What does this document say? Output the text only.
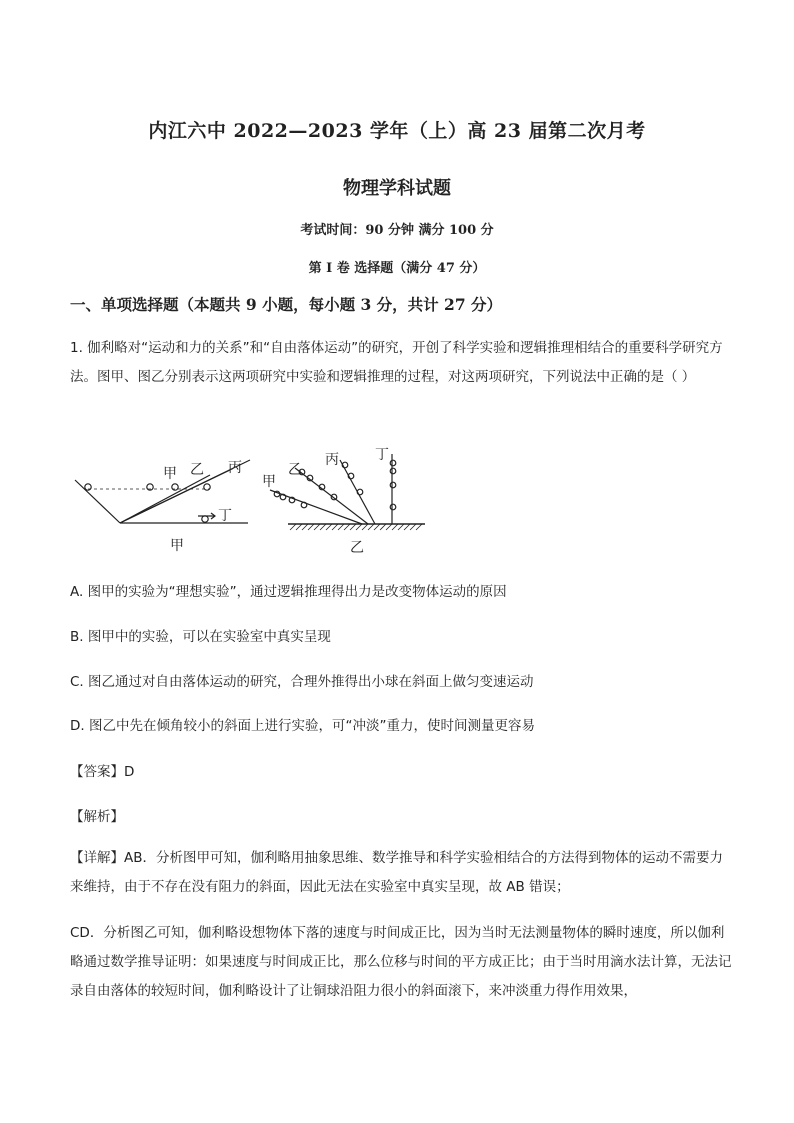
内江六中 2022—2023 学年（上）高 23 届第二次月考
物理学科试题
考试时间：90 分钟 满分 100 分
第 I 卷 选择题（满分 47 分）
一、单项选择题（本题共 9 小题，每小题 3 分，共计 27 分）
1. 伽利略对“运动和力的关系”和“自由落体运动”的研究，开创了科学实验和逻辑推理相结合的重要科学研究方法。图甲、图乙分别表示这两项研究中实验和逻辑推理的过程，对这两项研究，下列说法中正确的是（ ）
甲 乙 丙
丁
甲
甲
乙
丙	丁
乙
A. 图甲的实验为“理想实验”，通过逻辑推理得出力是改变物体运动的原因
B. 图甲中的实验，可以在实验室中真实呈现
C. 图乙通过对自由落体运动的研究，合理外推得出小球在斜面上做匀变速运动
D. 图乙中先在倾角较小的斜面上进行实验，可“冲淡”重力，使时间测量更容易
【答案】D
【解析】
【详解】AB．分析图甲可知，伽利略用抽象思维、数学推导和科学实验相结合的方法得到物体的运动不需要力来维持，由于不存在没有阻力的斜面，因此无法在实验室中真实呈现，故 AB 错误；
CD．分析图乙可知，伽利略设想物体下落的速度与时间成正比，因为当时无法测量物体的瞬时速度，所以伽利略通过数学推导证明：如果速度与时间成正比，那么位移与时间的平方成正比；由于当时用滴水法计算，无法记录自由落体的较短时间，伽利略设计了让铜球沿阻力很小的斜面滚下，来冲淡重力得作用效果，
